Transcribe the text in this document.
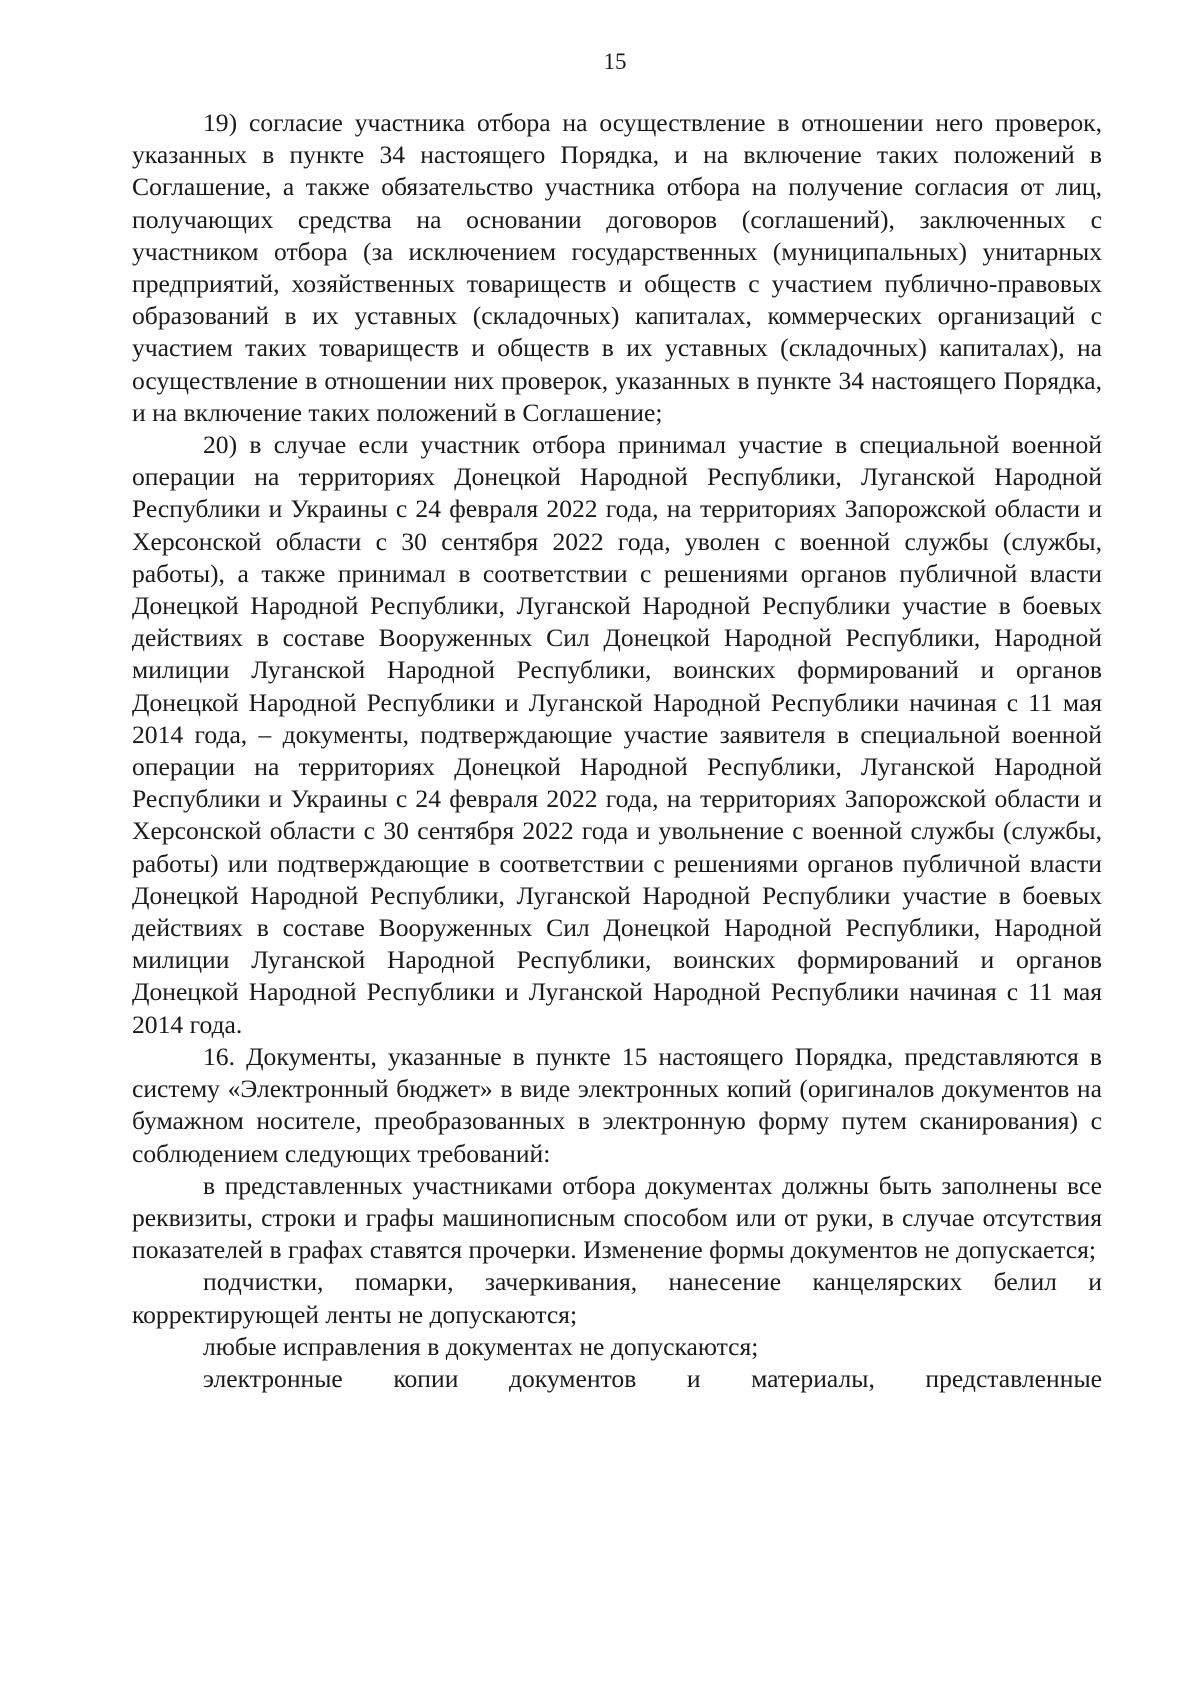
15

19) согласие участника отбора на осуществление в отношении него проверок, указанных в пункте 34 настоящего Порядка, и на включение таких положений в Соглашение, а также обязательство участника отбора на получение согласия от лиц, получающих средства на основании договоров (соглашений), заключенных с участником отбора (за исключением государственных (муниципальных) унитарных предприятий, хозяйственных товариществ и обществ с участием публично-правовых образований в их уставных (складочных) капиталах, коммерческих организаций с участием таких товариществ и обществ в их уставных (складочных) капиталах), на осуществление в отношении них проверок, указанных в пункте 34 настоящего Порядка, и на включение таких положений в Соглашение;

20) в случае если участник отбора принимал участие в специальной военной операции на территориях Донецкой Народной Республики, Луганской Народной Республики и Украины с 24 февраля 2022 года, на территориях Запорожской области и Херсонской области с 30 сентября 2022 года, уволен с военной службы (службы, работы), а также принимал в соответствии с решениями органов публичной власти Донецкой Народной Республики, Луганской Народной Республики участие в боевых действиях в составе Вооруженных Сил Донецкой Народной Республики, Народной милиции Луганской Народной Республики, воинских формирований и органов Донецкой Народной Республики и Луганской Народной Республики начиная с 11 мая 2014 года, – документы, подтверждающие участие заявителя в специальной военной операции на территориях Донецкой Народной Республики, Луганской Народной Республики и Украины с 24 февраля 2022 года, на территориях Запорожской области и Херсонской области с 30 сентября 2022 года и увольнение с военной службы (службы, работы) или подтверждающие в соответствии с решениями органов публичной власти Донецкой Народной Республики, Луганской Народной Республики участие в боевых действиях в составе Вооруженных Сил Донецкой Народной Республики, Народной милиции Луганской Народной Республики, воинских формирований и органов Донецкой Народной Республики и Луганской Народной Республики начиная с 11 мая 2014 года.

16. Документы, указанные в пункте 15 настоящего Порядка, представляются в систему «Электронный бюджет» в виде электронных копий (оригиналов документов на бумажном носителе, преобразованных в электронную форму путем сканирования) с соблюдением следующих требований:

в представленных участниками отбора документах должны быть заполнены все реквизиты, строки и графы машинописным способом или от руки, в случае отсутствия показателей в графах ставятся прочерки. Изменение формы документов не допускается;

подчистки, помарки, зачеркивания, нанесение канцелярских белил и корректирующей ленты не допускаются;

любые исправления в документах не допускаются;

электронные копии документов и материалы, представленные
